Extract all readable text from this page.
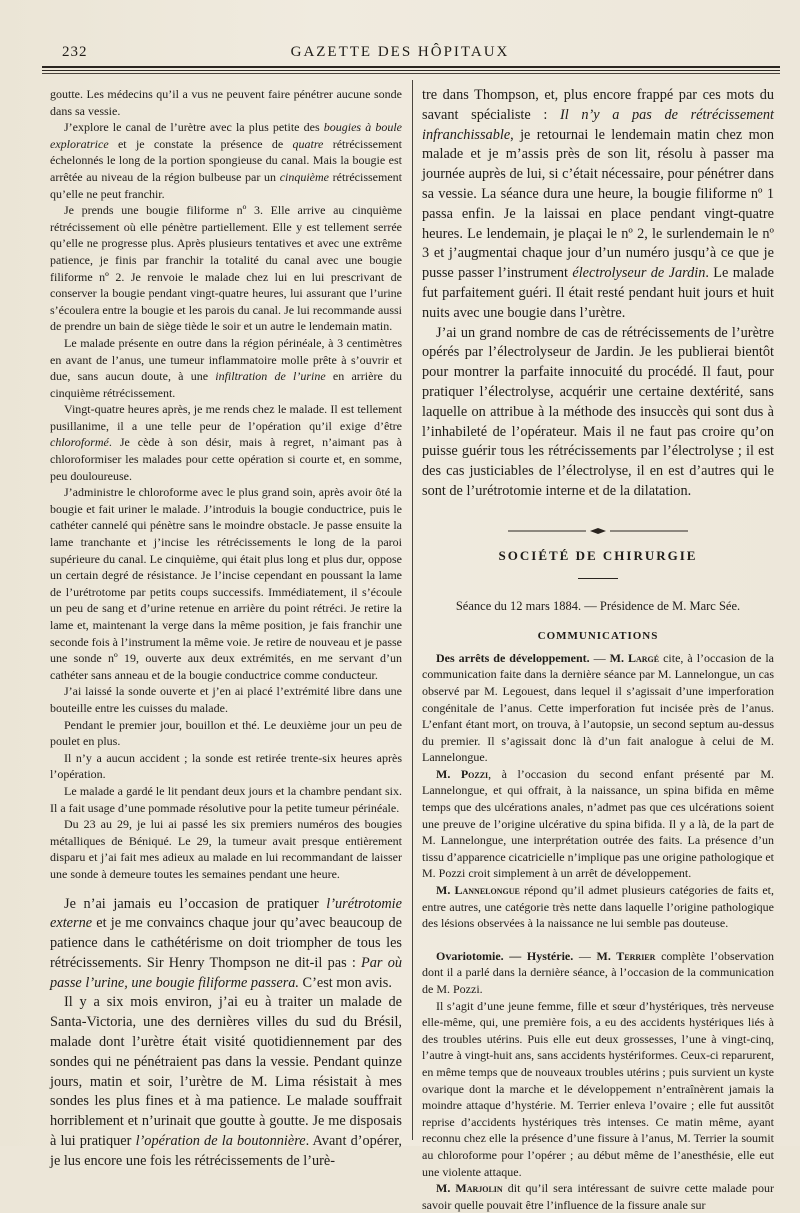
232	GAZETTE DES HÔPITAUX

goutte. Les médecins qu’il a vus ne peuvent faire pénétrer aucune sonde dans sa vessie.

J’explore le canal de l’urètre avec la plus petite des bougies à boule exploratrice et je constate la présence de quatre rétrécissement échelonnés le long de la portion spongieuse du canal. Mais la bougie est arrêtée au niveau de la région bulbeuse par un cinquième rétrécissement qu’elle ne peut franchir.

Je prends une bougie filiforme nº 3. Elle arrive au cinquième rétrécissement où elle pénètre partiellement. Elle y est tellement serrée qu’elle ne progresse plus. Après plusieurs tentatives et avec une extrême patience, je finis par franchir la totalité du canal avec une bougie filiforme nº 2. Je renvoie le malade chez lui en lui prescrivant de conserver la bougie pendant vingt-quatre heures, lui assurant que l’urine s’écoulera entre la bougie et les parois du canal. Je lui recommande aussi de prendre un bain de siège tiède le soir et un autre le lendemain matin.

Le malade présente en outre dans la région périnéale, à 3 centimètres en avant de l’anus, une tumeur inflammatoire molle prête à s’ouvrir et due, sans aucun doute, à une infiltration de l’urine en arrière du cinquième rétrécissement.

Vingt-quatre heures après, je me rends chez le malade. Il est tellement pusillanime, il a une telle peur de l’opération qu’il exige d’être chloroformé. Je cède à son désir, mais à regret, n’aimant pas à chloroformiser les malades pour cette opération si courte et, en somme, peu douloureuse.

J’administre le chloroforme avec le plus grand soin, après avoir ôté la bougie et fait uriner le malade. J’introduis la bougie conductrice, puis le cathéter cannelé qui pénètre sans le moindre obstacle. Je passe ensuite la lame tranchante et j’incise les rétrécissements le long de la paroi supérieure du canal. Le cinquième, qui était plus long et plus dur, oppose un certain degré de résistance. Je l’incise cependant en poussant la lame de l’urétrotome par petits coups successifs. Immédiatement, il s’écoule un peu de sang et d’urine retenue en arrière du point rétréci. Je retire la lame et, maintenant la verge dans la même position, je fais franchir une seconde fois à l’instrument la même voie. Je retire de nouveau et je passe une sonde nº 19, ouverte aux deux extrémités, en me servant d’un cathéter sans anneau et de la bougie conductrice comme conducteur.

J’ai laissé la sonde ouverte et j’en ai placé l’extrémité libre dans une bouteille entre les cuisses du malade.

Pendant le premier jour, bouillon et thé. Le deuxième jour un peu de poulet en plus.

Il n’y a aucun accident ; la sonde est retirée trente-six heures après l’opération.

Le malade a gardé le lit pendant deux jours et la chambre pendant six. Il a fait usage d’une pommade résolutive pour la petite tumeur périnéale.

Du 23 au 29, je lui ai passé les six premiers numéros des bougies métalliques de Béniqué. Le 29, la tumeur avait presque entièrement disparu et j’ai fait mes adieux au malade en lui recommandant de laisser une sonde à demeure toutes les semaines pendant une heure.

Je n’ai jamais eu l’occasion de pratiquer l’urétrotomie externe et je me convaincs chaque jour qu’avec beaucoup de patience dans le cathétérisme on doit triompher de tous les rétrécissements. Sir Henry Thompson ne dit-il pas : Par où passe l’urine, une bougie filiforme passera. C’est mon avis.

Il y a six mois environ, j’ai eu à traiter un malade de Santa-Victoria, une des dernières villes du sud du Brésil, malade dont l’urètre était visité quotidiennement par des sondes qui ne pénétraient pas dans la vessie. Pendant quinze jours, matin et soir, l’urètre de M. Lima résistait à mes sondes les plus fines et à ma patience. Le malade souffrait horriblement et n’urinait que goutte à goutte. Je me disposais à lui pratiquer l’opération de la boutonnière. Avant d’opérer, je lus encore une fois les rétrécissements de l’urè-

tre dans Thompson, et, plus encore frappé par ces mots du savant spécialiste : Il n’y a pas de rétrécissement infranchissable, je retournai le lendemain matin chez mon malade et je m’assis près de son lit, résolu à passer ma journée auprès de lui, si c’était nécessaire, pour pénétrer dans sa vessie. La séance dura une heure, la bougie filiforme nº 1 passa enfin. Je la laissai en place pendant vingt-quatre heures. Le lendemain, je plaçai le nº 2, le surlendemain le nº 3 et j’augmentai chaque jour d’un numéro jusqu’à ce que je pusse passer l’instrument électrolyseur de Jardin. Le malade fut parfaitement guéri. Il était resté pendant huit jours et huit nuits avec une bougie dans l’urètre.

J’ai un grand nombre de cas de rétrécissements de l’urètre opérés par l’électrolyseur de Jardin. Je les publierai bientôt pour montrer la parfaite innocuité du procédé. Il faut, pour pratiquer l’électrolyse, acquérir une certaine dextérité, sans laquelle on attribue à la méthode des insuccès qui sont dus à l’inhabileté de l’opérateur. Mais il ne faut pas croire qu’on puisse guérir tous les rétrécissements par l’électrolyse ; il est des cas justiciables de l’électrolyse, il en est d’autres qui le sont de l’urétrotomie interne et de la dilatation.

SOCIÉTÉ DE CHIRURGIE
Séance du 12 mars 1884. — Présidence de M. Marc Sée.
COMMUNICATIONS

Des arrêts de développement. — M. Largé cite, à l’occasion de la communication faite dans la dernière séance par M. Lannelongue, un cas observé par M. Legouest, dans lequel il s’agissait d’une imperforation congénitale de l’anus. Cette imperforation fut incisée près de l’anus. L’enfant étant mort, on trouva, à l’autopsie, un second septum au-dessus du premier. Il s’agissait donc là d’un fait analogue à celui de M. Lannelongue.

M. Pozzi, à l’occasion du second enfant présenté par M. Lannelongue, et qui offrait, à la naissance, un spina bifida en même temps que des ulcérations anales, n’admet pas que ces ulcérations soient une preuve de l’origine ulcérative du spina bifida. Il y a là, de la part de M. Lannelongue, une interprétation outrée des faits. La présence d’un tissu d’apparence cicatricielle n’implique pas une origine pathologique et M. Pozzi croit simplement à un arrêt de développement.

M. Lannelongue répond qu’il admet plusieurs catégories de faits et, entre autres, une catégorie très nette dans laquelle l’origine pathologique des lésions observées à la naissance ne lui semble pas douteuse.

Ovariotomie. — Hystérie. — M. Terrier complète l’observation dont il a parlé dans la dernière séance, à l’occasion de la communication de M. Pozzi.

Il s’agit d’une jeune femme, fille et sœur d’hystériques, très nerveuse elle-même, qui, une première fois, a eu des accidents hystériques liés à des troubles utérins. Puis elle eut deux grossesses, l’une à vingt-cinq, l’autre à vingt-huit ans, sans accidents hystériformes. Ceux-ci reparurent, en même temps que de nouveaux troubles utérins ; puis survient un kyste ovarique dont la marche et le développement n’entraînèrent jamais la moindre attaque d’hystérie. M. Terrier enleva l’ovaire ; elle fut aussitôt reprise d’accidents hystériques très intenses. Ce matin même, ayant reconnu chez elle la présence d’une fissure à l’anus, M. Terrier la soumit au chloroforme pour l’opérer ; au début même de l’anesthésie, elle eut une violente attaque.

M. Marjolin dit qu’il sera intéressant de suivre cette malade pour savoir quelle pouvait être l’influence de la fissure anale sur
